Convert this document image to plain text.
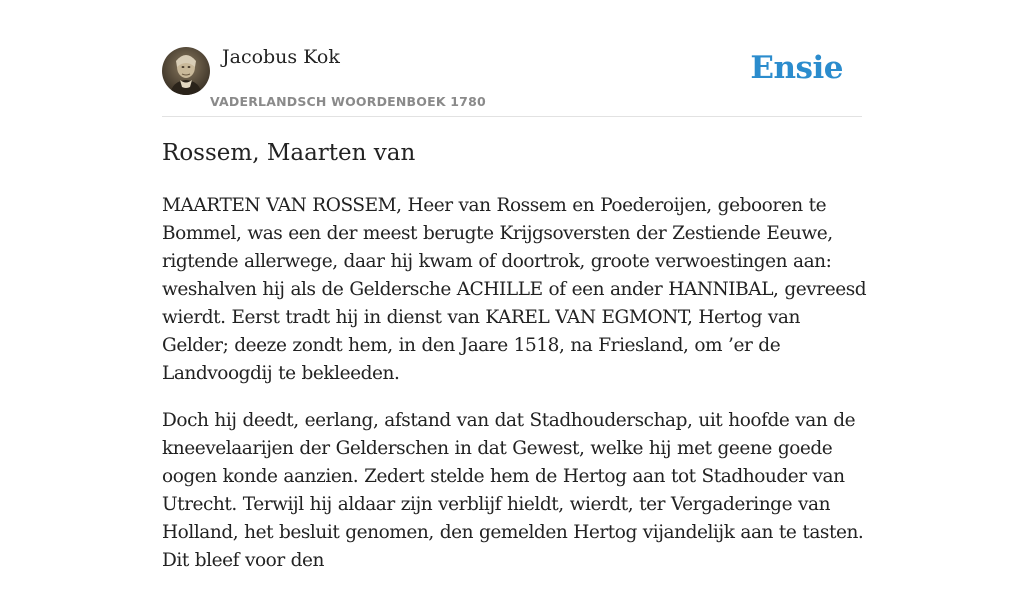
Jacobus Kok
VADERLANDSCH WOORDENBOEK 1780
Ensie
Rossem, Maarten van

MAARTEN VAN ROSSEM, Heer van Rossem en Poederoijen, gebooren te Bommel, was een der meest berugte Krijgsoversten der Zestiende Eeuwe, rigtende allerwege, daar hij kwam of doortrok, groote verwoestingen aan: weshalven hij als de Geldersche ACHILLE of een ander HANNIBAL, gevreesd wierdt. Eerst tradt hij in dienst van KAREL VAN EGMONT, Hertog van Gelder; deeze zondt hem, in den Jaare 1518, na Friesland, om ’er de Landvoogdij te bekleeden.

Doch hij deedt, eerlang, afstand van dat Stadhouderschap, uit hoofde van de kneevelaarijen der Gelderschen in dat Gewest, welke hij met geene goede oogen konde aanzien. Zedert stelde hem de Hertog aan tot Stadhouder van Utrecht. Terwijl hij aldaar zijn verblijf hieldt, wierdt, ter Vergaderinge van Holland, het besluit genomen, den gemelden Hertog vijandelijk aan te tasten. Dit bleef voor den
